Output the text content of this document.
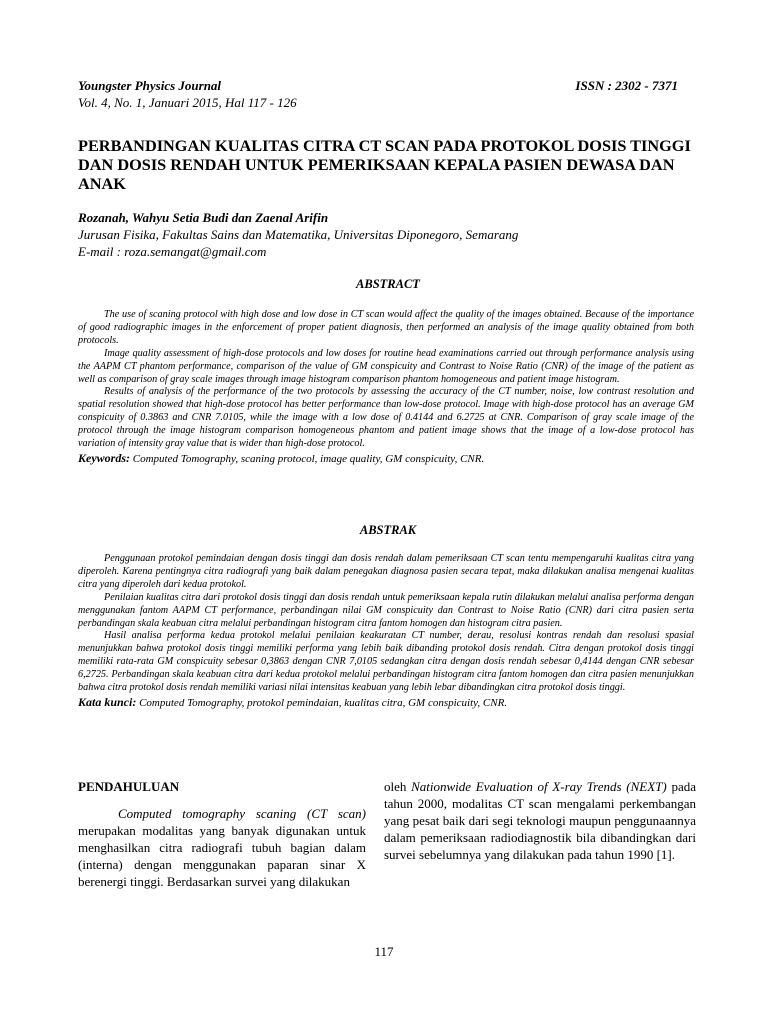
Youngster Physics Journal	ISSN : 2302 - 7371
Vol. 4, No. 1, Januari 2015, Hal 117 - 126
PERBANDINGAN KUALITAS CITRA CT SCAN PADA PROTOKOL DOSIS TINGGI DAN DOSIS RENDAH UNTUK PEMERIKSAAN KEPALA PASIEN DEWASA DAN ANAK
Rozanah, Wahyu Setia Budi dan Zaenal Arifin
Jurusan Fisika, Fakultas Sains dan Matematika, Universitas Diponegoro, Semarang
E-mail : roza.semangat@gmail.com
ABSTRACT

The use of scaning protocol with high dose and low dose in CT scan would affect the quality of the images obtained. Because of the importance of good radiographic images in the enforcement of proper patient diagnosis, then performed an analysis of the image quality obtained from both protocols.

Image quality assessment of high-dose protocols and low doses for routine head examinations carried out through performance analysis using the AAPM CT phantom performance, comparison of the value of GM conspicuity and Contrast to Noise Ratio (CNR) of the image of the patient as well as comparison of gray scale images through image histogram comparison phantom homogeneous and patient image histogram.

Results of analysis of the performance of the two protocols by assessing the accuracy of the CT number, noise, low contrast resolution and spatial resolution showed that high-dose protocol has better performance than low-dose protocol. Image with high-dose protocol has an average GM conspicuity of 0.3863 and CNR 7.0105, while the image with a low dose of 0.4144 and 6.2725 at CNR. Comparison of gray scale image of the protocol through the image histogram comparison homogeneous phantom and patient image shows that the image of a low-dose protocol has variation of intensity gray value that is wider than high-dose protocol.

Keywords: Computed Tomography, scaning protocol, image quality, GM conspicuity, CNR.

ABSTRAK

Penggunaan protokol pemindaian dengan dosis tinggi dan dosis rendah dalam pemeriksaan CT scan tentu mempengaruhi kualitas citra yang diperoleh. Karena pentingnya citra radiografi yang baik dalam penegakan diagnosa pasien secara tepat, maka dilakukan analisa mengenai kualitas citra yang diperoleh dari kedua protokol.

Penilaian kualitas citra dari protokol dosis tinggi dan dosis rendah untuk pemeriksaan kepala rutin dilakukan melalui analisa performa dengan menggunakan fantom AAPM CT performance, perbandingan nilai GM conspicuity dan Contrast to Noise Ratio (CNR) dari citra pasien serta perbandingan skala keabuan citra melalui perbandingan histogram citra fantom homogen dan histogram citra pasien.

Hasil analisa performa kedua protokol melalui penilaian keakuratan CT number, derau, resolusi kontras rendah dan resolusi spasial menunjukkan bahwa protokol dosis tinggi memiliki performa yang lebih baik dibanding protokol dosis rendah. Citra dengan protokol dosis tinggi memiliki rata-rata GM conspicuity sebesar 0,3863 dengan CNR 7,0105 sedangkan citra dengan dosis rendah sebesar 0,4144 dengan CNR sebesar 6,2725. Perbandingan skala keabuan citra dari kedua protokol melalui perbandingan histogram citra fantom homogen dan citra pasien menunjukkan bahwa citra protokol dosis rendah memiliki variasi nilai intensitas keabuan yang lebih lebar dibandingkan citra protokol dosis tinggi.

Kata kunci: Computed Tomography, protokol pemindaian, kualitas citra, GM conspicuity, CNR.

PENDAHULUAN

Computed tomography scaning (CT scan) merupakan modalitas yang banyak digunakan untuk menghasilkan citra radiografi tubuh bagian dalam (interna) dengan menggunakan paparan sinar X berenergi tinggi. Berdasarkan survei yang dilakukan

oleh Nationwide Evaluation of X-ray Trends (NEXT) pada tahun 2000, modalitas CT scan mengalami perkembangan yang pesat baik dari segi teknologi maupun penggunaannya dalam pemeriksaan radiodiagnostik bila dibandingkan dari survei sebelumnya yang dilakukan pada tahun 1990 [1].

117
